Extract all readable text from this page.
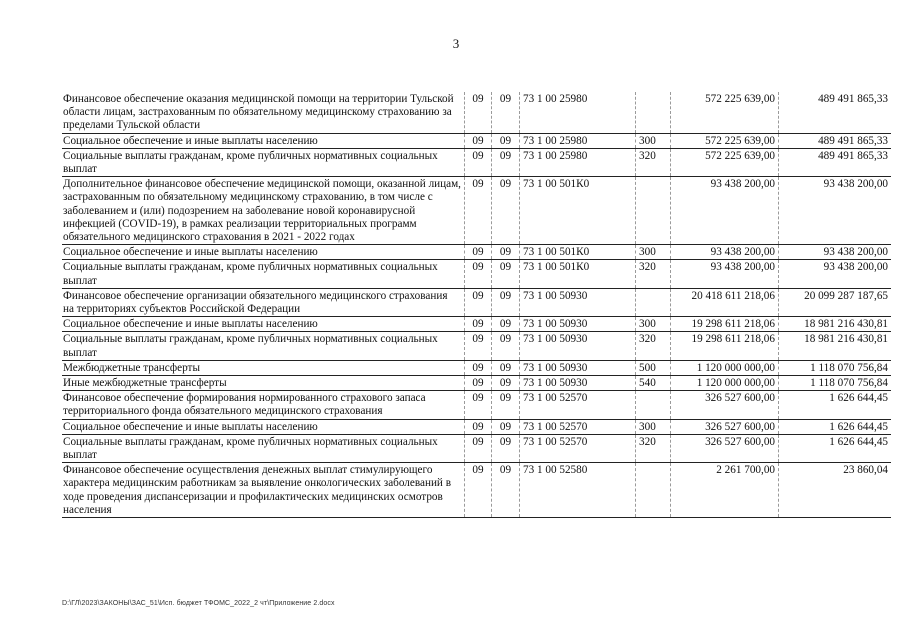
3
Финансовое обеспечение оказания медицинской помощи на территории Тульской области лицам, застрахованным по обязательному медицинскому страхованию за пределами Тульской области	09	09	73 1 00 25980		572 225 639,00	489 491 865,33
Социальное обеспечение и иные выплаты населению	09	09	73 1 00 25980	300	572 225 639,00	489 491 865,33
Социальные выплаты гражданам, кроме публичных нормативных социальных выплат	09	09	73 1 00 25980	320	572 225 639,00	489 491 865,33
Дополнительное финансовое обеспечение медицинской помощи, оказанной лицам, застрахованным по обязательному медицинскому страхованию, в том числе с заболеванием и (или) подозрением на заболевание новой коронавирусной инфекцией (COVID-19), в рамках реализации территориальных программ обязательного медицинского страхования в 2021 - 2022 годах	09	09	73 1 00 501К0		93 438 200,00	93 438 200,00
Социальное обеспечение и иные выплаты населению	09	09	73 1 00 501К0	300	93 438 200,00	93 438 200,00
Социальные выплаты гражданам, кроме публичных нормативных социальных выплат	09	09	73 1 00 501К0	320	93 438 200,00	93 438 200,00
Финансовое обеспечение организации обязательного медицинского страхования на территориях субъектов Российской Федерации	09	09	73 1 00 50930		20 418 611 218,06	20 099 287 187,65
Социальное обеспечение и иные выплаты населению	09	09	73 1 00 50930	300	19 298 611 218,06	18 981 216 430,81
Социальные выплаты гражданам, кроме публичных нормативных социальных выплат	09	09	73 1 00 50930	320	19 298 611 218,06	18 981 216 430,81
Межбюджетные трансферты	09	09	73 1 00 50930	500	1 120 000 000,00	1 118 070 756,84
Иные межбюджетные трансферты	09	09	73 1 00 50930	540	1 120 000 000,00	1 118 070 756,84
Финансовое обеспечение формирования нормированного страхового запаса территориального фонда обязательного медицинского страхования	09	09	73 1 00 52570		326 527 600,00	1 626 644,45
Социальное обеспечение и иные выплаты населению	09	09	73 1 00 52570	300	326 527 600,00	1 626 644,45
Социальные выплаты гражданам, кроме публичных нормативных социальных выплат	09	09	73 1 00 52570	320	326 527 600,00	1 626 644,45
Финансовое обеспечение осуществления денежных выплат стимулирующего характера медицинским работникам за выявление онкологических заболеваний в ходе проведения диспансеризации и профилактических медицинских осмотров населения	09	09	73 1 00 52580		2 261 700,00	23 860,04
D:\ГЛ\2023\ЗАКОНЫ\ЗАС_51\Исп. бюджет ТФОМС_2022_2 чт\Приложение 2.docx
